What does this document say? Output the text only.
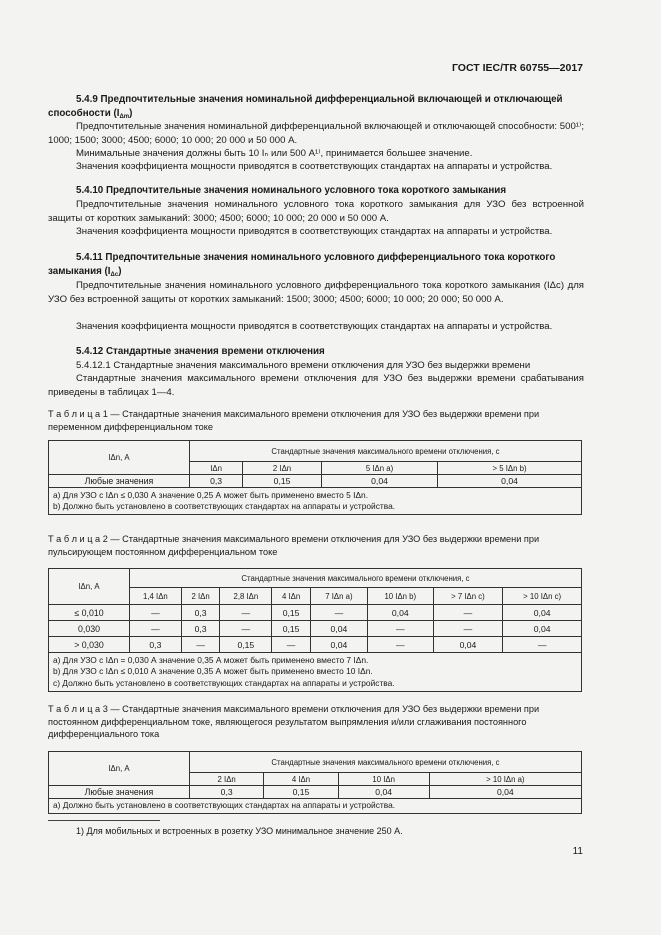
ГОСТ IEC/TR 60755—2017
5.4.9 Предпочтительные значения номинальной дифференциальной включающей и отключающей способности $(I_{\Delta m})$
Предпочтительные значения номинальной дифференциальной включающей и отключающей способности: 500¹⁾; 1000; 1500; 3000; 4500; 6000; 10 000; 20 000 и 50 000 А.
Минимальные значения должны быть 10 Iₙ или 500 А¹⁾, принимается большее значение.
Значения коэффициента мощности приводятся в соответствующих стандартах на аппараты и устройства.
5.4.10 Предпочтительные значения номинального условного тока короткого замыкания
Предпочтительные значения номинального условного тока короткого замыкания для УЗО без встроенной защиты от коротких замыканий: 3000; 4500; 6000; 10 000; 20 000 и 50 000 А.
Значения коэффициента мощности приводятся в соответствующих стандартах на аппараты и устройства.
5.4.11 Предпочтительные значения номинального условного дифференциального тока короткого замыкания $(I_{\Delta c})$
Предпочтительные значения номинального условного дифференциального тока короткого замыкания (IΔc) для УЗО без встроенной защиты от коротких замыканий: 1500; 3000; 4500; 6000; 10 000; 20 000; 50 000 А.
Значения коэффициента мощности приводятся в соответствующих стандартах на аппараты и устройства.
5.4.12 Стандартные значения времени отключения
5.4.12.1 Стандартные значения максимального времени отключения для УЗО без выдержки времени
Стандартные значения максимального времени отключения для УЗО без выдержки времени срабатывания приведены в таблицах 1—4.
Т а б л и ц а 1 — Стандартные значения максимального времени отключения для УЗО без выдержки времени при переменном дифференциальном токе
IΔn, А	Стандартные значения максимального времени отключения, с			
	IΔn	2 IΔn	5 IΔn a)	> 5 IΔn b)
Любые значения	0,3	0,15	0,04	0,04

a) Для УЗО с IΔn ≤ 0,030 А значение 0,25 А может быть применено вместо 5 IΔn.
b) Должно быть установлено в соответствующих стандартах на аппараты и устройства.				
Т а б л и ц а 2 — Стандартные значения максимального времени отключения для УЗО без выдержки времени при пульсирующем постоянном дифференциальном токе
IΔn, А	Стандартные значения максимального времени отключения, с							
	1,4 IΔn	2 IΔn	2,8 IΔn	4 IΔn	7 IΔn a)	10 IΔn b)	> 7 IΔn c)	> 10 IΔn c)
≤ 0,010	—	0,3	—	0,15	—	0,04	—	0,04
0,030	—	0,3	—	0,15	0,04	—	—	0,04
> 0,030	0,3	—	0,15	—	0,04	—	0,04	—

a) Для УЗО с IΔn = 0,030 А значение 0,35 А может быть применено вместо 7 IΔn.
b) Для УЗО с IΔn ≤ 0,010 А значение 0,35 А может быть применено вместо 10 IΔn.
c) Должно быть установлено в соответствующих стандартах на аппараты и устройства.								
Т а б л и ц а 3 — Стандартные значения максимального времени отключения для УЗО без выдержки времени при постоянном дифференциальном токе, являющегося результатом выпрямления и/или сглаживания постоянного дифференциального тока
IΔn, А	Стандартные значения максимального времени отключения, с			
	2 IΔn	4 IΔn	10 IΔn	> 10 IΔn a)
Любые значения	0,3	0,15	0,04	0,04

a) Должно быть установлено в соответствующих стандартах на аппараты и устройства.				
1) Для мобильных и встроенных в розетку УЗО минимальное значение 250 А.
11
